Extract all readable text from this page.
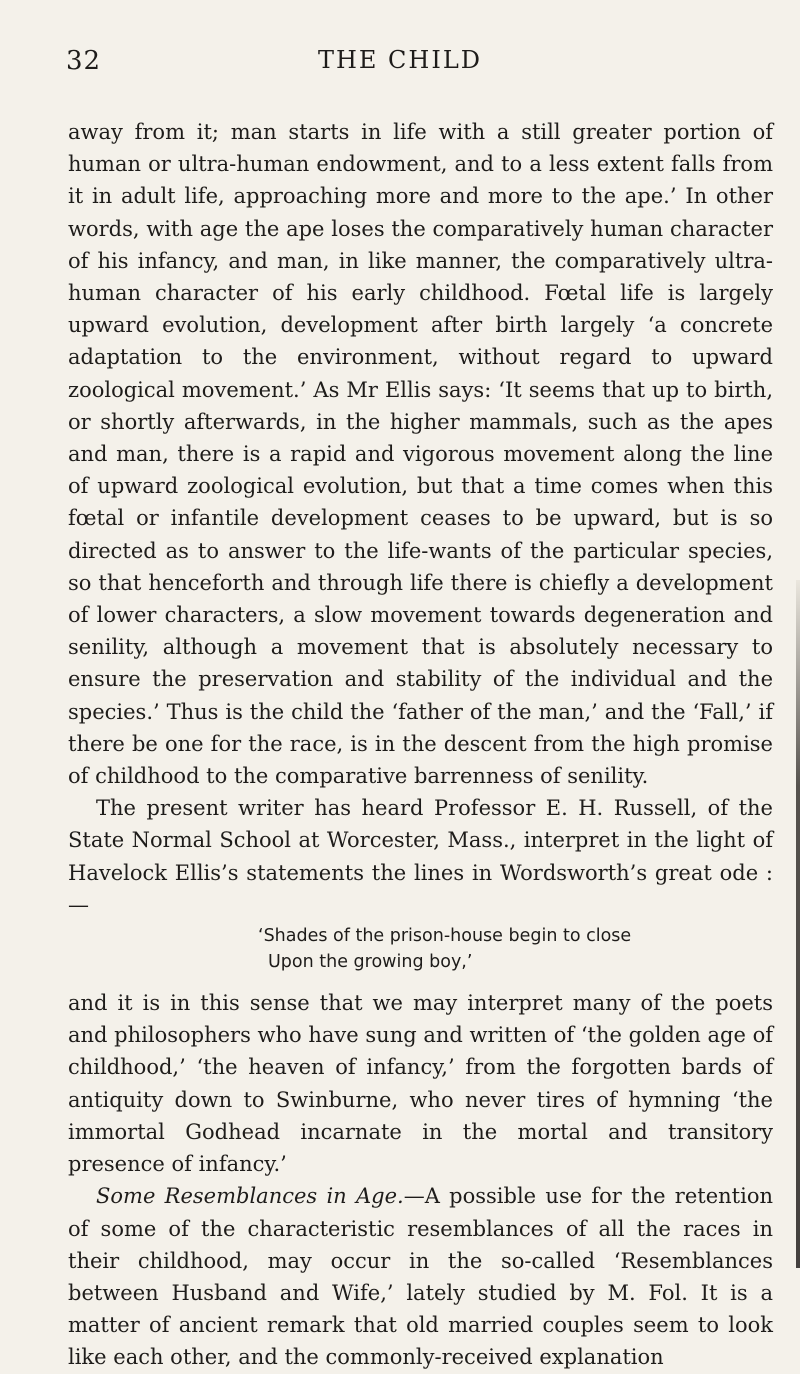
32	THE CHILD

away from it; man starts in life with a still greater portion of human or ultra-human endowment, and to a less extent falls from it in adult life, approaching more and more to the ape.’ In other words, with age the ape loses the comparatively human character of his infancy, and man, in like manner, the comparatively ultra-human character of his early childhood. Fœtal life is largely upward evolution, development after birth largely ‘a concrete adaptation to the environment, without regard to upward zoological movement.’ As Mr Ellis says: ‘It seems that up to birth, or shortly afterwards, in the higher mammals, such as the apes and man, there is a rapid and vigorous movement along the line of upward zoological evolution, but that a time comes when this fœtal or infantile development ceases to be upward, but is so directed as to answer to the life-wants of the particular species, so that henceforth and through life there is chiefly a development of lower characters, a slow movement towards degeneration and senility, although a movement that is absolutely necessary to ensure the preservation and stability of the individual and the species.’ Thus is the child the ‘father of the man,’ and the ‘Fall,’ if there be one for the race, is in the descent from the high promise of childhood to the comparative barrenness of senility.

The present writer has heard Professor E. H. Russell, of the State Normal School at Worcester, Mass., interpret in the light of Havelock Ellis’s statements the lines in Wordsworth’s great ode :—

‘Shades of the prison-house begin to close
Upon the growing boy,’

and it is in this sense that we may interpret many of the poets and philosophers who have sung and written of ‘the golden age of childhood,’ ‘the heaven of infancy,’ from the forgotten bards of antiquity down to Swinburne, who never tires of hymning ‘the immortal Godhead incarnate in the mortal and transitory presence of infancy.’

Some Resemblances in Age.—A possible use for the retention of some of the characteristic resemblances of all the races in their childhood, may occur in the so-called ‘Resemblances between Husband and Wife,’ lately studied by M. Fol. It is a matter of ancient remark that old married couples seem to look like each other, and the commonly-received explanation
